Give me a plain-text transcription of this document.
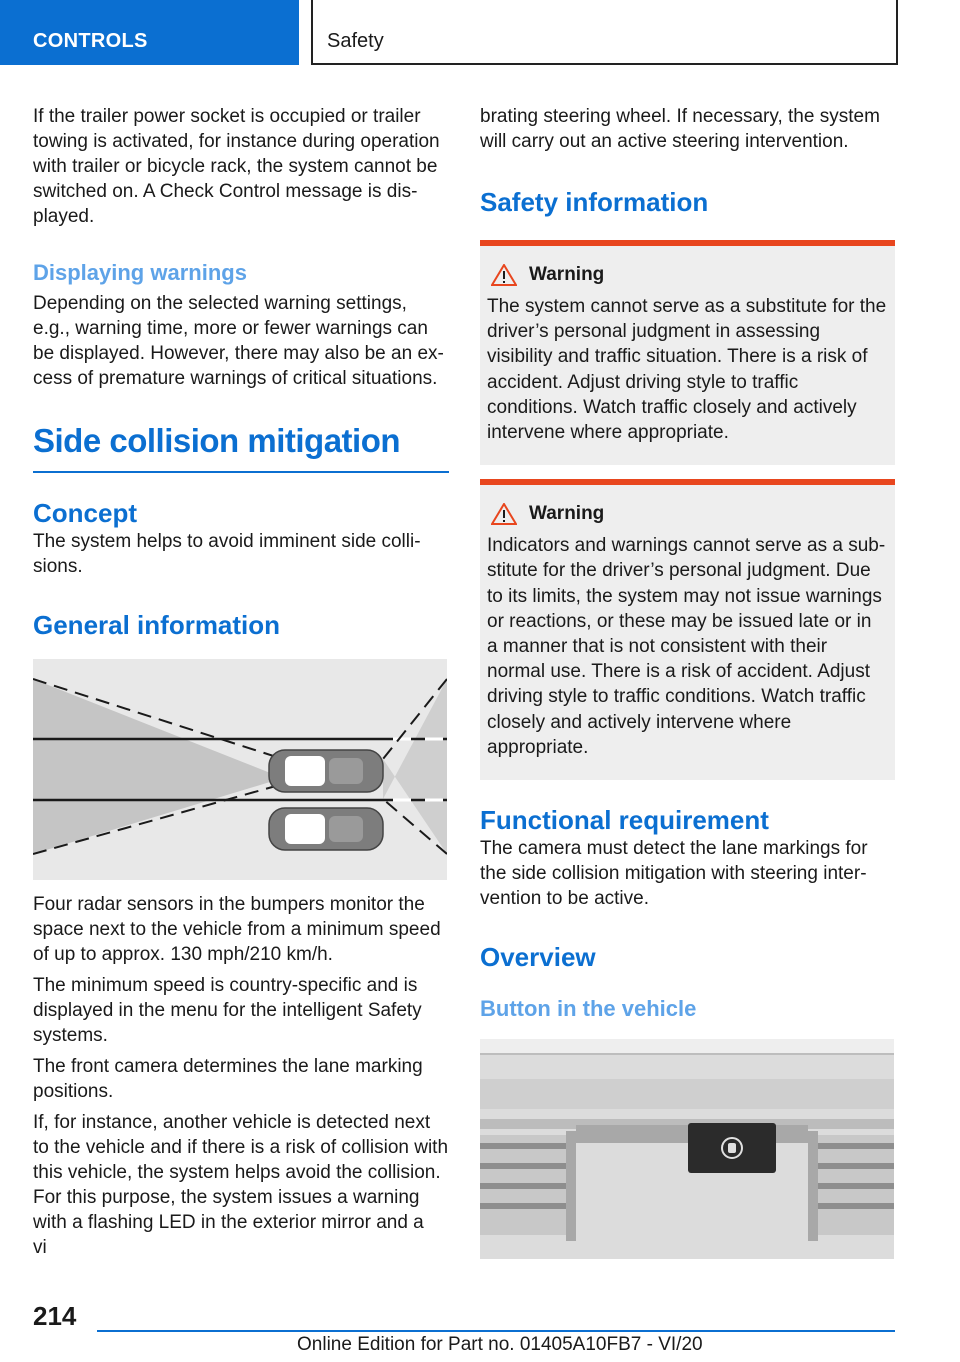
CONTROLS	Safety

If the trailer power socket is occupied or trailer towing is activated, for instance during operation with trailer or bicycle rack, the system cannot be switched on. A Check Control message is displayed.

Displaying warnings

Depending on the selected warning settings, e.g., warning time, more or fewer warnings can be displayed. However, there may also be an excess of premature warnings of critical situations.

Side collision mitigation
Concept

The system helps to avoid imminent side collisions.

General information

Four radar sensors in the bumpers monitor the space next to the vehicle from a minimum speed of up to approx. 130 mph/210 km/h.

The minimum speed is country-specific and is displayed in the menu for the intelligent Safety systems.

The front camera determines the lane marking positions.

If, for instance, another vehicle is detected next to the vehicle and if there is a risk of collision with this vehicle, the system helps avoid the collision. For this purpose, the system issues a warning with a flashing LED in the exterior mirror and a vi

brating steering wheel. If necessary, the system will carry out an active steering intervention.

Safety information
Warning

The system cannot serve as a substitute for the driver’s personal judgment in assessing visibility and traffic situation. There is a risk of accident. Adjust driving style to traffic conditions. Watch traffic closely and actively intervene where appropriate.

Warning

Indicators and warnings cannot serve as a substitute for the driver’s personal judgment. Due to its limits, the system may not issue warnings or reactions, or these may be issued late or in a manner that is not consistent with their normal use. There is a risk of accident. Adjust driving style to traffic conditions. Watch traffic closely and actively intervene where appropriate.

Functional requirement

The camera must detect the lane markings for the side collision mitigation with steering intervention to be active.

Overview
Button in the vehicle
214
Online Edition for Part no. 01405A10FB7 - VI/20
